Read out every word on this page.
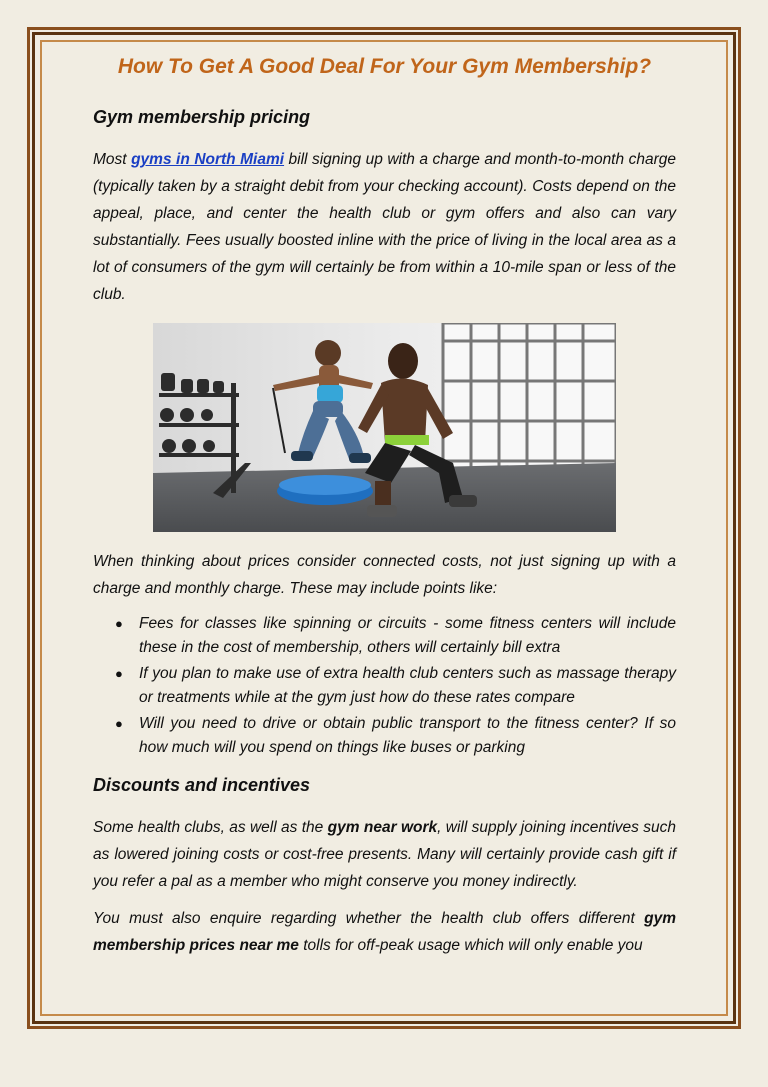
How To Get A Good Deal For Your Gym Membership?
Gym membership pricing

Most gyms in North Miami bill signing up with a charge and month-to-month charge (typically taken by a straight debit from your checking account). Costs depend on the appeal, place, and center the health club or gym offers and also can vary substantially. Fees usually boosted inline with the price of living in the local area as a lot of consumers of the gym will certainly be from within a 10-mile span or less of the club.

When thinking about prices consider connected costs, not just signing up with a charge and monthly charge. These may include points like:

● Fees for classes like spinning or circuits - some fitness centers will include these in the cost of membership, others will certainly bill extra
● If you plan to make use of extra health club centers such as massage therapy or treatments while at the gym just how do these rates compare
● Will you need to drive or obtain public transport to the fitness center? If so how much will you spend on things like buses or parking
Discounts and incentives

Some health clubs, as well as the gym near work, will supply joining incentives such as lowered joining costs or cost-free presents. Many will certainly provide cash gift if you refer a pal as a member who might conserve you money indirectly.

You must also enquire regarding whether the health club offers different gym membership prices near me tolls for off-peak usage which will only enable you
